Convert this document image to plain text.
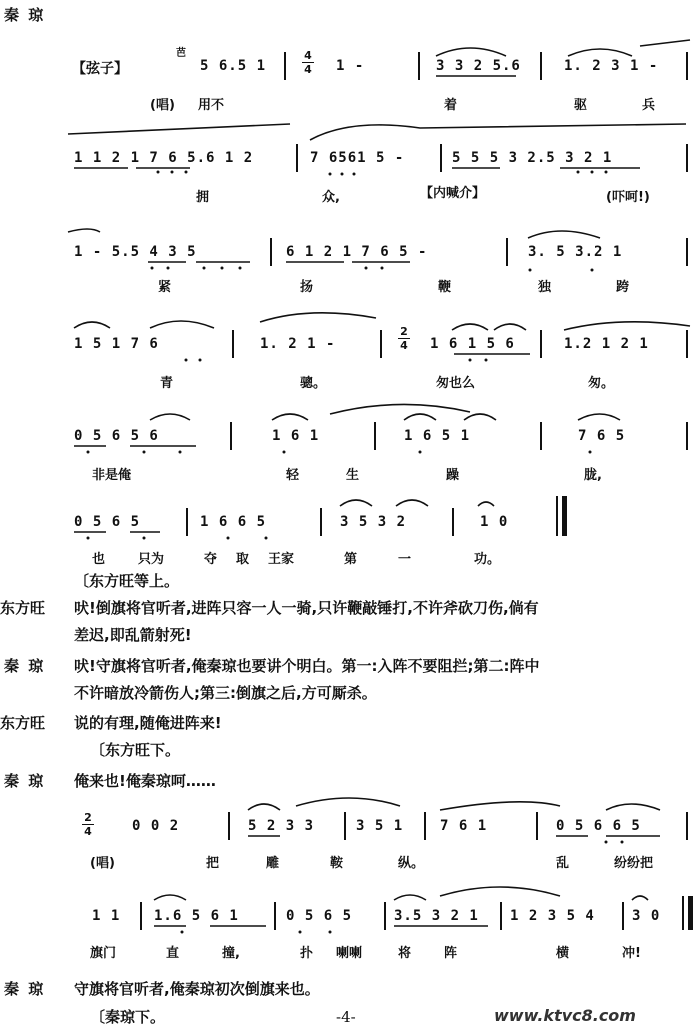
秦 琼
【弦子】
芭
5 6.5 1
4
4 1 -	3 3 2 5.6	1. 2 3 1 -
(唱) 用不	着	驱	兵
1 1 2 1 7 6 5.6 1 2	7 6561 5 -	5 5 5 3 2.5 3 2 1
拥	众,	【内喊介】	(吓呵!)
1 - 5.5 4 3 5	6 1 2 1 7 6 5 -	3. 5 3.2 1
紧	扬	鞭	独	跨
1 5 1 7 6	1. 2 1 -
2
4 1 6 1 5 6	1.2 1 2 1
青	骢。	匆也么	匆。
0 5 6 5 6	1 6 1	1 6 5 1	7 6 5
非是俺	轻	生	躁	胧,
0 5 6 5	1 6 6 5	3 5 3 2	1 0
也	只为	夺 取 王家	第	一	功。
〔东方旺等上。
东方旺 吠!倒旗将官听者,进阵只容一人一骑,只许鞭敲锤打,不许斧砍刀伤,倘有
差迟,即乱箭射死!
秦 琼 吠!守旗将官听者,俺秦琼也要讲个明白。第一:入阵不要阻拦;第二:阵中
不许暗放冷箭伤人;第三:倒旗之后,方可厮杀。
东方旺 说的有理,随俺进阵来!
〔东方旺下。
秦 琼 俺来也!俺秦琼呵……
2
4	0 0 2	5 2 3 3	3 5 1	7 6 1	0 5 6 6 5
(唱)	把	雕	鞍	纵。	乱	纷纷把
1 1 1.6 5 6 1	0 5 6 5	3.5 3 2 1 1 2 3 5 4	3 0
旗门	直	撞,	扑 喇喇	将	阵	横	冲!
秦 琼 守旗将官听者,俺秦琼初次倒旗来也。
〔秦琼下。	-4-	www.ktvc8.com
